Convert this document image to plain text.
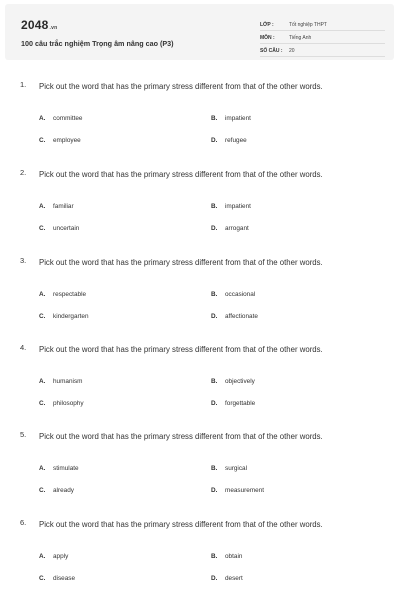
2048.vn
100 câu trắc nghiệm Trọng âm nâng cao (P3)
LỚP :	Tốt nghiệp THPT
MÔN :	Tiếng Anh
SỐ CÂU : 20
1. Pick out the word that has the primary stress different from that of the other words.
A. committee	B. impatient
C. employee	D. refugee
2. Pick out the word that has the primary stress different from that of the other words.
A. familiar	B. impatient
C. uncertain	D. arrogant
3. Pick out the word that has the primary stress different from that of the other words.
A. respectable	B. occasional
C. kindergarten	D. affectionate
4. Pick out the word that has the primary stress different from that of the other words.
A. humanism	B. objectively
C. philosophy	D. forgettable
5. Pick out the word that has the primary stress different from that of the other words.
A. stimulate	B. surgical
C. already	D. measurement
6. Pick out the word that has the primary stress different from that of the other words.
A. apply	B. obtain
C. disease	D. desert
